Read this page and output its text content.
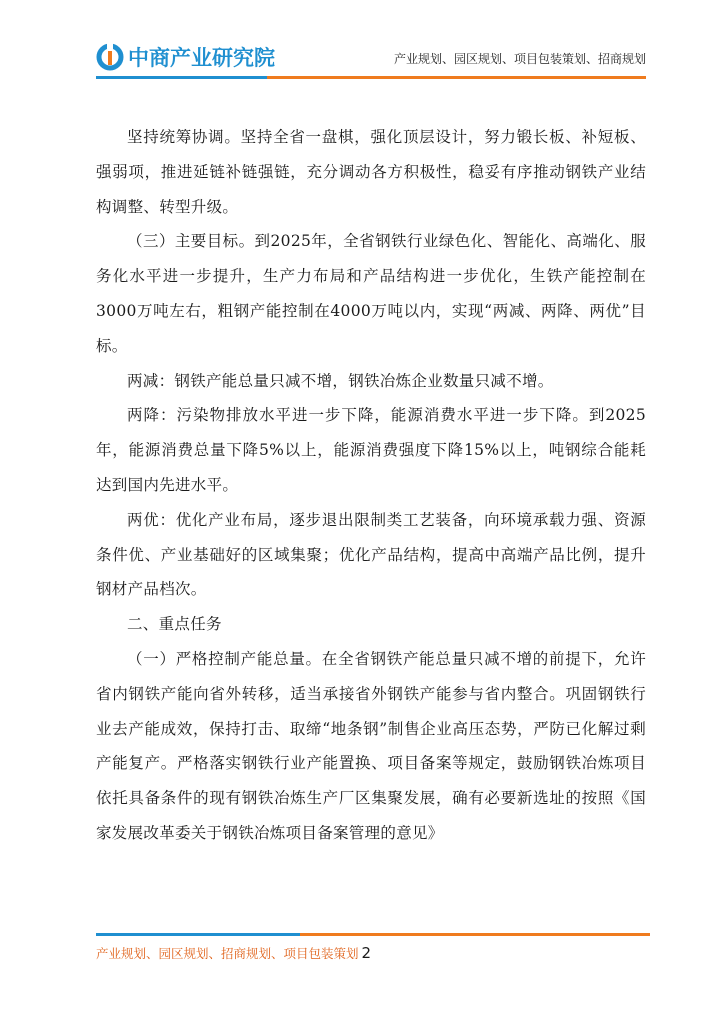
中商产业研究院	产业规划、园区规划、项目包装策划、招商规划

坚持统筹协调。坚持全省一盘棋，强化顶层设计，努力锻长板、补短板、强弱项，推进延链补链强链，充分调动各方积极性，稳妥有序推动钢铁产业结构调整、转型升级。

（三）主要目标。到2025年，全省钢铁行业绿色化、智能化、高端化、服务化水平进一步提升，生产力布局和产品结构进一步优化，生铁产能控制在3000万吨左右，粗钢产能控制在4000万吨以内，实现“两减、两降、两优”目标。

两减：钢铁产能总量只减不增，钢铁冶炼企业数量只减不增。

两降：污染物排放水平进一步下降，能源消费水平进一步下降。到2025年，能源消费总量下降5%以上，能源消费强度下降15%以上，吨钢综合能耗达到国内先进水平。

两优：优化产业布局，逐步退出限制类工艺装备，向环境承载力强、资源条件优、产业基础好的区域集聚；优化产品结构，提高中高端产品比例，提升钢材产品档次。

二、重点任务

（一）严格控制产能总量。在全省钢铁产能总量只减不增的前提下，允许省内钢铁产能向省外转移，适当承接省外钢铁产能参与省内整合。巩固钢铁行业去产能成效，保持打击、取缔“地条钢”制售企业高压态势，严防已化解过剩产能复产。严格落实钢铁行业产能置换、项目备案等规定，鼓励钢铁冶炼项目依托具备条件的现有钢铁冶炼生产厂区集聚发展，确有必要新选址的按照《国家发展改革委关于钢铁冶炼项目备案管理的意见》

产业规划、园区规划、招商规划、项目包装策划 2
